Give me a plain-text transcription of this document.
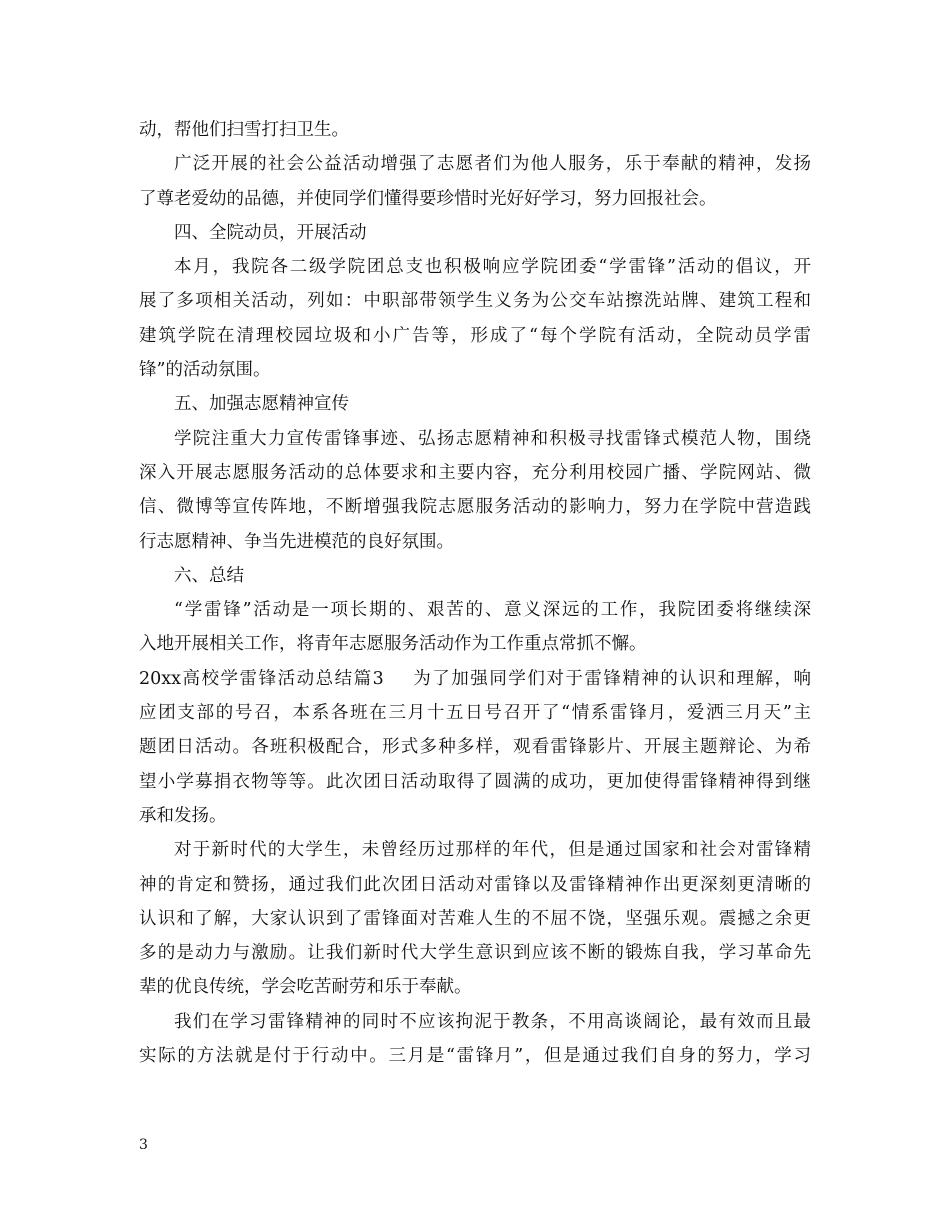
动，帮他们扫雪打扫卫生。
广泛开展的社会公益活动增强了志愿者们为他人服务，乐于奉献的精神，发扬
了尊老爱幼的品德，并使同学们懂得要珍惜时光好好学习，努力回报社会。
四、全院动员，开展活动
本月，我院各二级学院团总支也积极响应学院团委“学雷锋”活动的倡议，开
展了多项相关活动，列如：中职部带领学生义务为公交车站擦洗站牌、建筑工程和
建筑学院在清理校园垃圾和小广告等，形成了“每个学院有活动，全院动员学雷
锋”的活动氛围。
五、加强志愿精神宣传
学院注重大力宣传雷锋事迹、弘扬志愿精神和积极寻找雷锋式模范人物，围绕
深入开展志愿服务活动的总体要求和主要内容，充分利用校园广播、学院网站、微
信、微博等宣传阵地，不断增强我院志愿服务活动的影响力，努力在学院中营造践
行志愿精神、争当先进模范的良好氛围。
六、总结
“学雷锋”活动是一项长期的、艰苦的、意义深远的工作，我院团委将继续深
入地开展相关工作，将青年志愿服务活动作为工作重点常抓不懈。
20xx高校学雷锋活动总结篇3 为了加强同学们对于雷锋精神的认识和理解，响
应团支部的号召，本系各班在三月十五日号召开了“情系雷锋月，爱洒三月天”主
题团日活动。各班积极配合，形式多种多样，观看雷锋影片、开展主题辩论、为希
望小学募捐衣物等等。此次团日活动取得了圆满的成功，更加使得雷锋精神得到继
承和发扬。
对于新时代的大学生，未曾经历过那样的年代，但是通过国家和社会对雷锋精
神的肯定和赞扬，通过我们此次团日活动对雷锋以及雷锋精神作出更深刻更清晰的
认识和了解，大家认识到了雷锋面对苦难人生的不屈不饶，坚强乐观。震撼之余更
多的是动力与激励。让我们新时代大学生意识到应该不断的锻炼自我，学习革命先
辈的优良传统，学会吃苦耐劳和乐于奉献。
我们在学习雷锋精神的同时不应该拘泥于教条，不用高谈阔论，最有效而且最
实际的方法就是付于行动中。三月是“雷锋月”，但是通过我们自身的努力，学习
3
